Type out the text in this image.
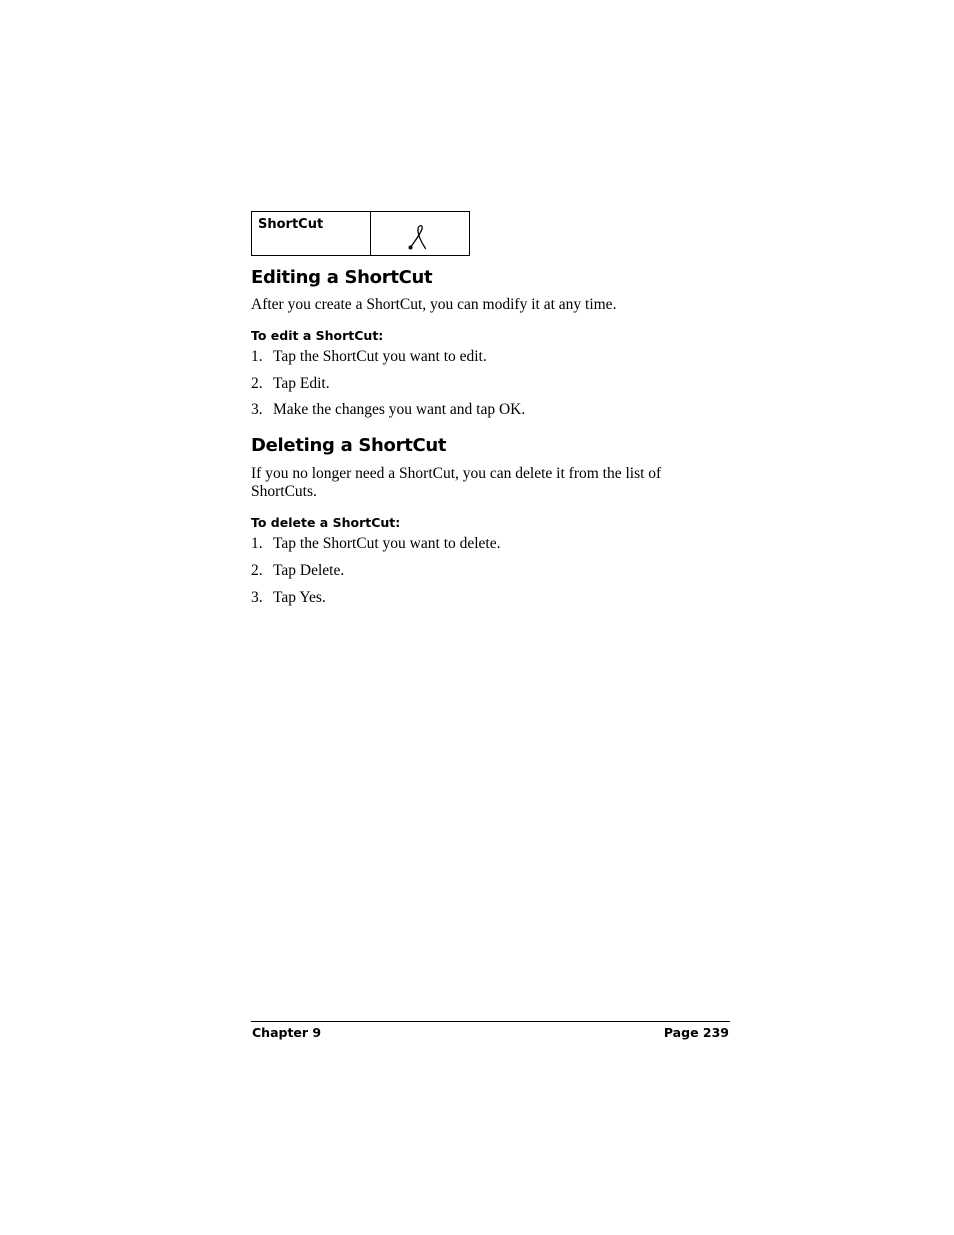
ShortCut
Editing a ShortCut

After you create a ShortCut, you can modify it at any time.

To edit a ShortCut:
1. Tap the ShortCut you want to edit.
2. Tap Edit.
3. Make the changes you want and tap OK.
Deleting a ShortCut

If you no longer need a ShortCut, you can delete it from the list of

ShortCuts.

To delete a ShortCut:
1. Tap the ShortCut you want to delete.
2. Tap Delete.
3. Tap Yes.
Chapter 9	Page 239
